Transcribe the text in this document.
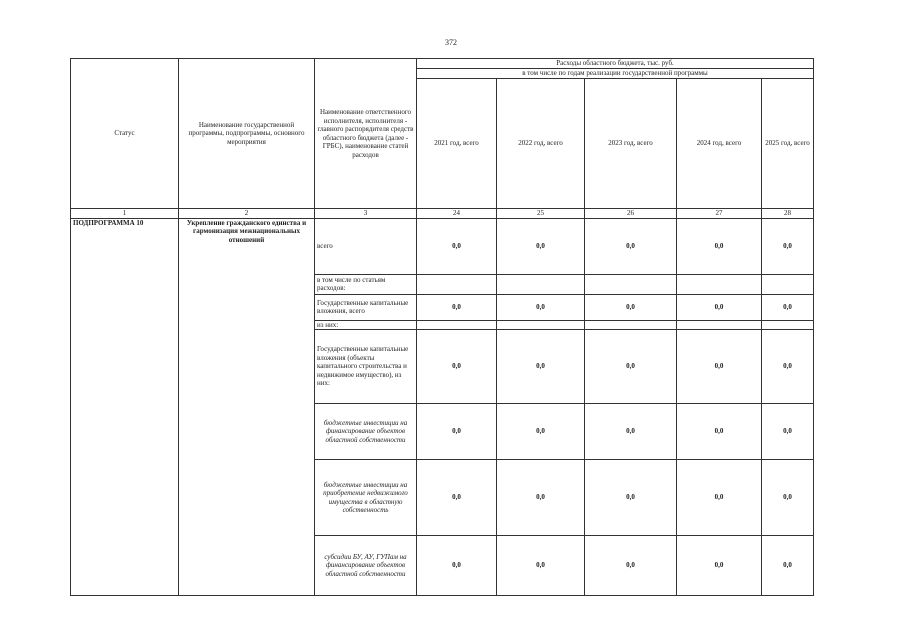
372
Статус	Наименование государственной программы, подпрограммы, основного мероприятия	Наименование ответственного исполнителя, исполнителя - главного распорядителя средств областного бюджета (далее - ГРБС), наименование статей расходов	Расходы областного бюджета, тыс. руб.				
			в том числе по годам реализации государственной программы				
			2021 год, всего	2022 год, всего	2023 год, всего	2024 год, всего	2025 год, всего
1	2	3	24	25	26	27	28
ПОДПРОГРАММА 10	Укрепление гражданского единства и гармонизация межнациональных отношений	всего	0,0	0,0	0,0	0,0	0,0
		в том числе по статьям расходов:					
		Государственные капитальные вложения, всего	0,0	0,0	0,0	0,0	0,0
		из них:					
		Государственные капитальные вложения (объекты капитального строительства и недвижимое имущество), из них:	0,0	0,0	0,0	0,0	0,0
		бюджетные инвестиции на финансирование объектов областной собственности	0,0	0,0	0,0	0,0	0,0
		бюджетные инвестиции на приобретение недвижимого имущества в областную собственность	0,0	0,0	0,0	0,0	0,0
		субсидии БУ, АУ, ГУПам на финансирование объектов областной собственности	0,0	0,0	0,0	0,0	0,0
